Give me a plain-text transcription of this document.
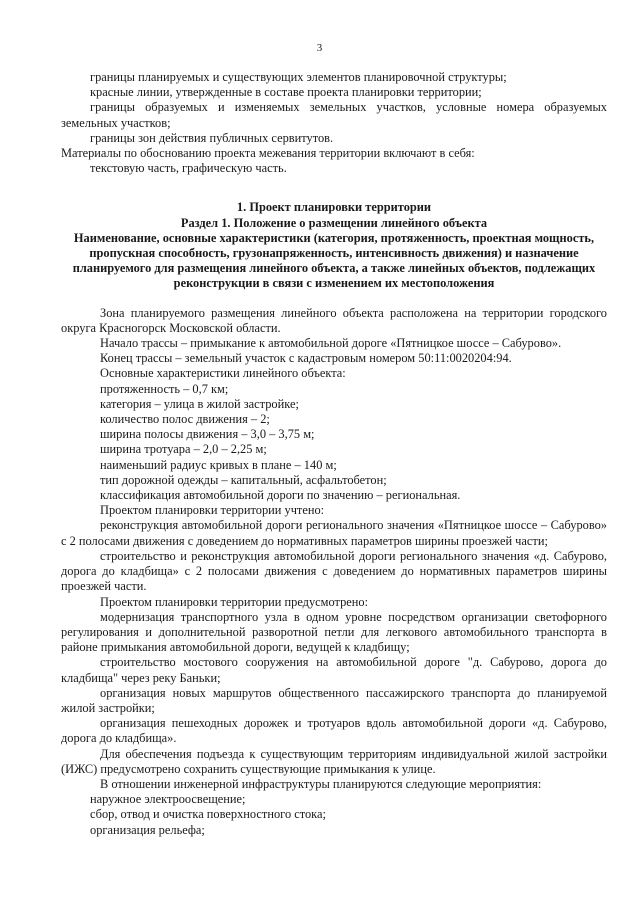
3

границы планируемых и существующих элементов планировочной структуры;

красные линии, утвержденные в составе проекта планировки территории;

границы образуемых и изменяемых земельных участков, условные номера образуемых земельных участков;

границы зон действия публичных сервитутов.

Материалы по обоснованию проекта межевания территории включают в себя:

текстовую часть, графическую часть.

1. Проект планировки территории

Раздел 1. Положение о размещении линейного объекта

Наименование, основные характеристики (категория, протяженность, проектная мощность, пропускная способность, грузонапряженность, интенсивность движения) и назначение планируемого для размещения линейного объекта, а также линейных объектов, подлежащих реконструкции в связи с изменением их местоположения

Зона планируемого размещения линейного объекта расположена на территории городского округа Красногорск Московской области.

Начало трассы – примыкание к автомобильной дороге «Пятницкое шоссе – Сабурово».

Конец трассы – земельный участок с кадастровым номером 50:11:0020204:94.

Основные характеристики линейного объекта:

протяженность – 0,7 км;

категория – улица в жилой застройке;

количество полос движения – 2;

ширина полосы движения – 3,0 – 3,75 м;

ширина тротуара – 2,0 – 2,25 м;

наименьший радиус кривых в плане – 140 м;

тип дорожной одежды – капитальный, асфальтобетон;

классификация автомобильной дороги по значению – региональная.

Проектом планировки территории учтено:

реконструкция автомобильной дороги регионального значения «Пятницкое шоссе – Сабурово» с 2 полосами движения с доведением до нормативных параметров ширины проезжей части;

строительство и реконструкция автомобильной дороги регионального значения «д. Сабурово, дорога до кладбища» с 2 полосами движения с доведением до нормативных параметров ширины проезжей части.

Проектом планировки территории предусмотрено:

модернизация транспортного узла в одном уровне посредством организации светофорного регулирования и дополнительной разворотной петли для легкового автомобильного транспорта в районе примыкания автомобильной дороги, ведущей к кладбищу;

строительство мостового сооружения на автомобильной дороге "д. Сабурово, дорога до кладбища" через реку Баньки;

организация новых маршрутов общественного пассажирского транспорта до планируемой жилой застройки;

организация пешеходных дорожек и тротуаров вдоль автомобильной дороги «д. Сабурово, дорога до кладбища».

Для обеспечения подъезда к существующим территориям индивидуальной жилой застройки (ИЖС) предусмотрено сохранить существующие примыкания к улице.

В отношении инженерной инфраструктуры планируются следующие мероприятия:

наружное электроосвещение;

сбор, отвод и очистка поверхностного стока;

организация рельефа;
